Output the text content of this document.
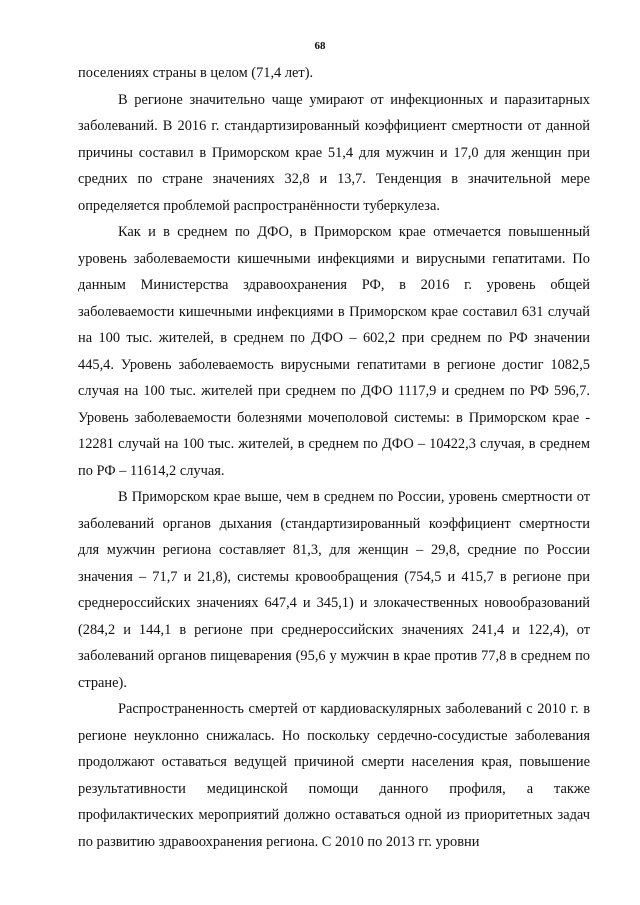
68

поселениях страны в целом (71,4 лет).

В регионе значительно чаще умирают от инфекционных и паразитарных заболеваний. В 2016 г. стандартизированный коэффициент смертности от данной причины составил в Приморском крае 51,4 для мужчин и 17,0 для женщин при средних по стране значениях 32,8 и 13,7. Тенденция в значительной мере определяется проблемой распространённости туберкулеза.

Как и в среднем по ДФО, в Приморском крае отмечается повышенный уровень заболеваемости кишечными инфекциями и вирусными гепатитами. По данным Министерства здравоохранения РФ, в 2016 г. уровень общей заболеваемости кишечными инфекциями в Приморском крае составил 631 случай на 100 тыс. жителей, в среднем по ДФО – 602,2 при среднем по РФ значении 445,4. Уровень заболеваемость вирусными гепатитами в регионе достиг 1082,5 случая на 100 тыс. жителей при среднем по ДФО 1117,9 и среднем по РФ 596,7. Уровень заболеваемости болезнями мочеполовой системы: в Приморском крае - 12281 случай на 100 тыс. жителей, в среднем по ДФО – 10422,3 случая, в среднем по РФ – 11614,2 случая.

В Приморском крае выше, чем в среднем по России, уровень смертности от заболеваний органов дыхания (стандартизированный коэффициент смертности для мужчин региона составляет 81,3, для женщин – 29,8, средние по России значения – 71,7 и 21,8), системы кровообращения (754,5 и 415,7 в регионе при среднероссийских значениях 647,4 и 345,1) и злокачественных новообразований (284,2 и 144,1 в регионе при среднероссийских значениях 241,4 и 122,4), от заболеваний органов пищеварения (95,6 у мужчин в крае против 77,8 в среднем по стране).

Распространенность смертей от кардиоваскулярных заболеваний с 2010 г. в регионе неуклонно снижалась. Но поскольку сердечно-сосудистые заболевания продолжают оставаться ведущей причиной смерти населения края, повышение результативности медицинской помощи данного профиля, а также профилактических мероприятий должно оставаться одной из приоритетных задач по развитию здравоохранения региона. С 2010 по 2013 гг. уровни
